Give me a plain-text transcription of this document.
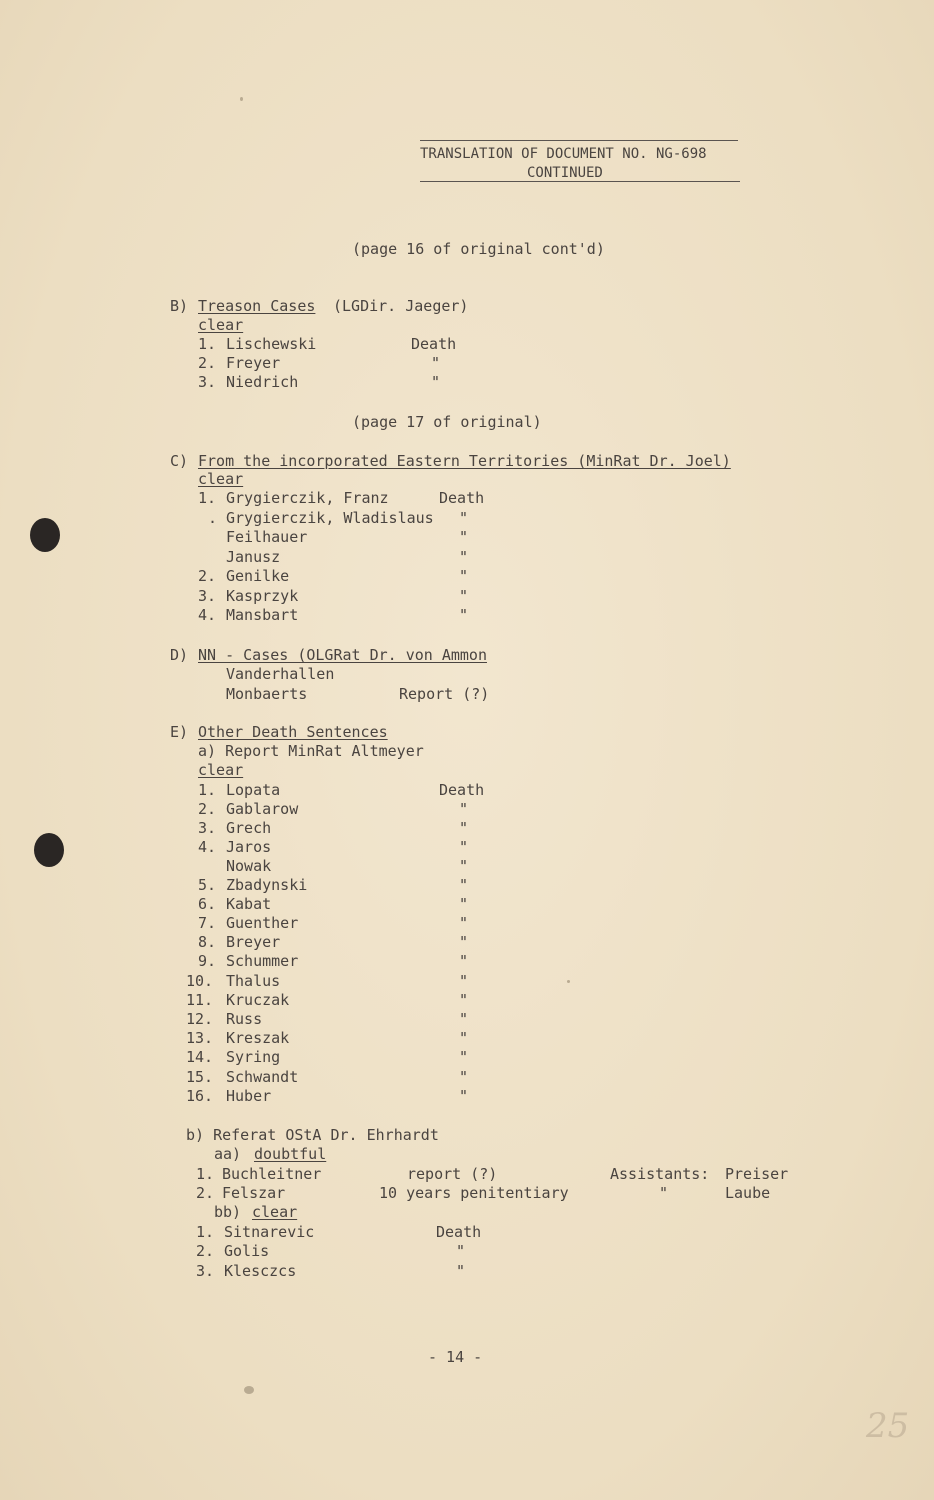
TRANSLATION OF DOCUMENT NO. NG-698
CONTINUED
(page 16 of original cont'd)
B) Treason Cases (LGDir. Jaeger)
clear
1. Lischewski	Death
2. Freyer	"
3. Niedrich	"
(page 17 of original)
C) From the incorporated Eastern Territories (MinRat Dr. Joel)
clear
1. Grygierczik, Franz	Death
. Grygierczik, Wladislaus "
Feilhauer	"
Janusz	"
2. Genilke	"
3. Kasprzyk	"
4. Mansbart	"
D) NN - Cases (OLGRat Dr. von Ammon
Vanderhallen
Monbaerts	Report (?)
E) Other Death Sentences
a) Report MinRat Altmeyer
clear
1. Lopata	Death
2. Gablarow	"
3. Grech	"
4. Jaros	"
Nowak	"
5. Zbadynski	"
6. Kabat	"
7. Guenther	"
8. Breyer	"
9. Schummer	"
10. Thalus	"
11. Kruczak	"
12. Russ	"
13. Kreszak	"
14. Syring	"
15. Schwandt	"
16. Huber	"
b) Referat OStA Dr. Ehrhardt
aa) doubtful
1. Buchleitner	report (?)	Assistants: Preiser
2. Felszar	10 years penitentiary	"	Laube
bb) clear
1. Sitnarevic	Death
2. Golis	"
3. Klesczcs	"
- 14 -
25
